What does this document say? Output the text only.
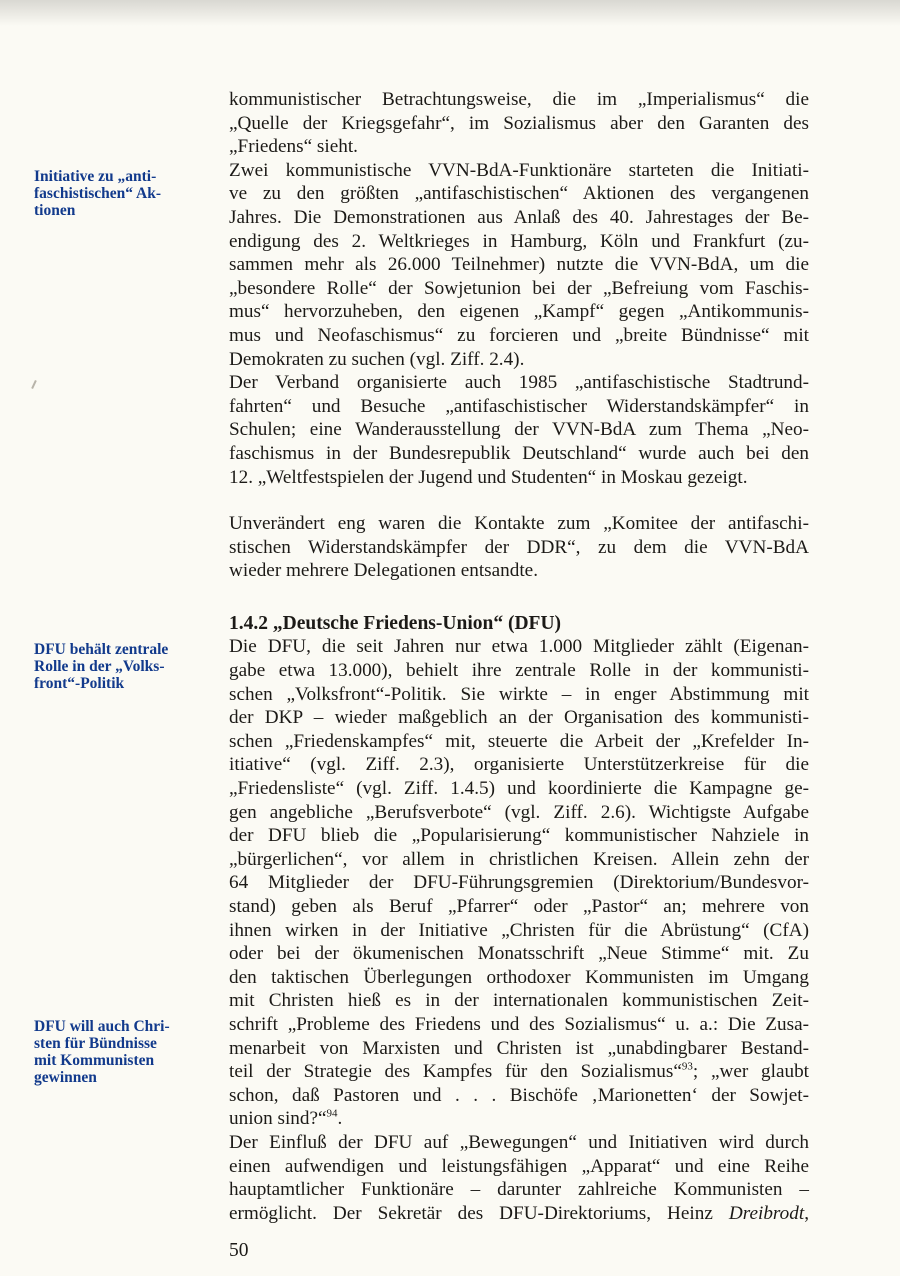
Initiative zu „anti-
faschistischen“ Ak-
tionen
DFU behält zentrale
Rolle in der „Volks-
front“-Politik
DFU will auch Chri-
sten für Bündnisse
mit Kommunisten
gewinnen
kommunistischer Betrachtungsweise, die im „Imperialismus“ die
„Quelle der Kriegsgefahr“, im Sozialismus aber den Garanten des
„Friedens“ sieht.
Zwei kommunistische VVN-BdA-Funktionäre starteten die Initiati-
ve zu den größten „antifaschistischen“ Aktionen des vergangenen
Jahres. Die Demonstrationen aus Anlaß des 40. Jahrestages der Be-
endigung des 2. Weltkrieges in Hamburg, Köln und Frankfurt (zu-
sammen mehr als 26.000 Teilnehmer) nutzte die VVN-BdA, um die
„besondere Rolle“ der Sowjetunion bei der „Befreiung vom Faschis-
mus“ hervorzuheben, den eigenen „Kampf“ gegen „Antikommunis-
mus und Neofaschismus“ zu forcieren und „breite Bündnisse“ mit
Demokraten zu suchen (vgl. Ziff. 2.4).
Der Verband organisierte auch 1985 „antifaschistische Stadtrund-
fahrten“ und Besuche „antifaschistischer Widerstandskämpfer“ in
Schulen; eine Wanderausstellung der VVN-BdA zum Thema „Neo-
faschismus in der Bundesrepublik Deutschland“ wurde auch bei den
12. „Weltfestspielen der Jugend und Studenten“ in Moskau gezeigt.
Unverändert eng waren die Kontakte zum „Komitee der antifaschi-
stischen Widerstandskämpfer der DDR“, zu dem die VVN-BdA
wieder mehrere Delegationen entsandte.
1.4.2 „Deutsche Friedens-Union“ (DFU)
Die DFU, die seit Jahren nur etwa 1.000 Mitglieder zählt (Eigenan-
gabe etwa 13.000), behielt ihre zentrale Rolle in der kommunisti-
schen „Volksfront“-Politik. Sie wirkte – in enger Abstimmung mit
der DKP – wieder maßgeblich an der Organisation des kommunisti-
schen „Friedenskampfes“ mit, steuerte die Arbeit der „Krefelder In-
itiative“ (vgl. Ziff. 2.3), organisierte Unterstützerkreise für die
„Friedensliste“ (vgl. Ziff. 1.4.5) und koordinierte die Kampagne ge-
gen angebliche „Berufsverbote“ (vgl. Ziff. 2.6). Wichtigste Aufgabe
der DFU blieb die „Popularisierung“ kommunistischer Nahziele in
„bürgerlichen“, vor allem in christlichen Kreisen. Allein zehn der
64 Mitglieder der DFU-Führungsgremien (Direktorium/Bundesvor-
stand) geben als Beruf „Pfarrer“ oder „Pastor“ an; mehrere von
ihnen wirken in der Initiative „Christen für die Abrüstung“ (CfA)
oder bei der ökumenischen Monatsschrift „Neue Stimme“ mit. Zu
den taktischen Überlegungen orthodoxer Kommunisten im Umgang
mit Christen hieß es in der internationalen kommunistischen Zeit-
schrift „Probleme des Friedens und des Sozialismus“ u. a.: Die Zusa-
menarbeit von Marxisten und Christen ist „unabdingbarer Bestand-
teil der Strategie des Kampfes für den Sozialismus“$^{93}$; „wer glaubt
schon, daß Pastoren und . . . Bischöfe ‚Marionetten‘ der Sowjet-
union sind?“$^{94}$.
Der Einfluß der DFU auf „Bewegungen“ und Initiativen wird durch
einen aufwendigen und leistungsfähigen „Apparat“ und eine Reihe
hauptamtlicher Funktionäre – darunter zahlreiche Kommunisten –
ermöglicht. Der Sekretär des DFU-Direktoriums, Heinz Dreibrodt,
50
